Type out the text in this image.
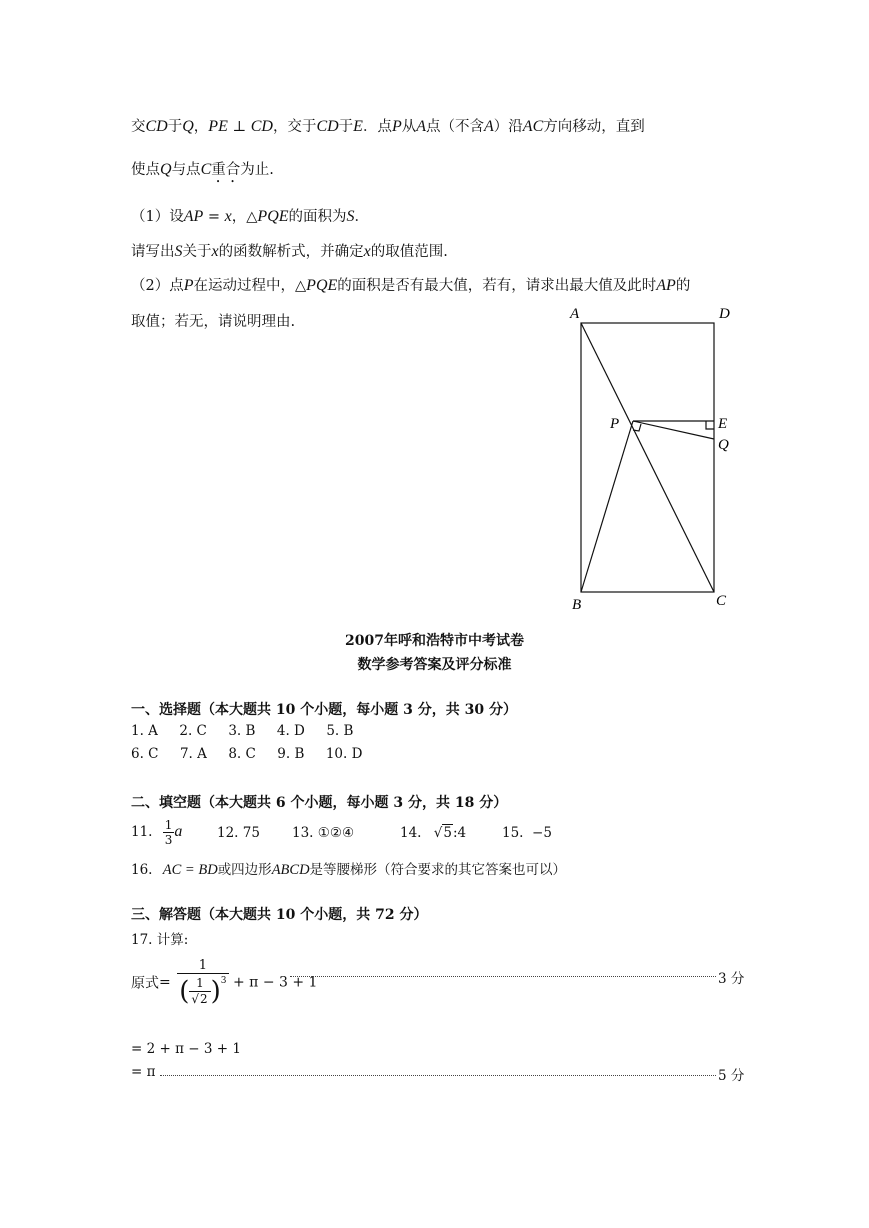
交CD于Q，PE ⊥ CD，交于CD于E．点P从A点（不含A）沿AC方向移动，直到
使点Q与点C重合为止.
（1）设AP = x，△PQE的面积为S．
请写出S关于x的函数解析式，并确定x的取值范围.
（2）点P在运动过程中，△PQE的面积是否有最大值，若有，请求出最大值及此时AP的
取值；若无，请说明理由.	A	D
P	E
Q
B	C
2007年呼和浩特市中考试卷
数学参考答案及评分标准
一、选择题（本大题共 10 个小题，每小题 3 分，共 30 分）
1. A     2. C     3. B     4. D     5. B
6. C     7. A     8. C     9. B     10. D
二、填空题（本大题共 6 个小题，每小题 3 分，共 18 分）
11. $\frac{1}{3}$ a	12. 75 13. ①②④	14. √5:4	15.  −5
16. AC = BD或四边形ABCD是等腰梯形（符合要求的其它答案也可以）
三、解答题（本大题共 10 个小题，共 72 分）
17. 计算:
原式= $\frac{1}{( \frac{1}{√2} )^3} + \pi - 3 + 1$	3 分
= 2 + π − 3 + 1
= π	5 分
